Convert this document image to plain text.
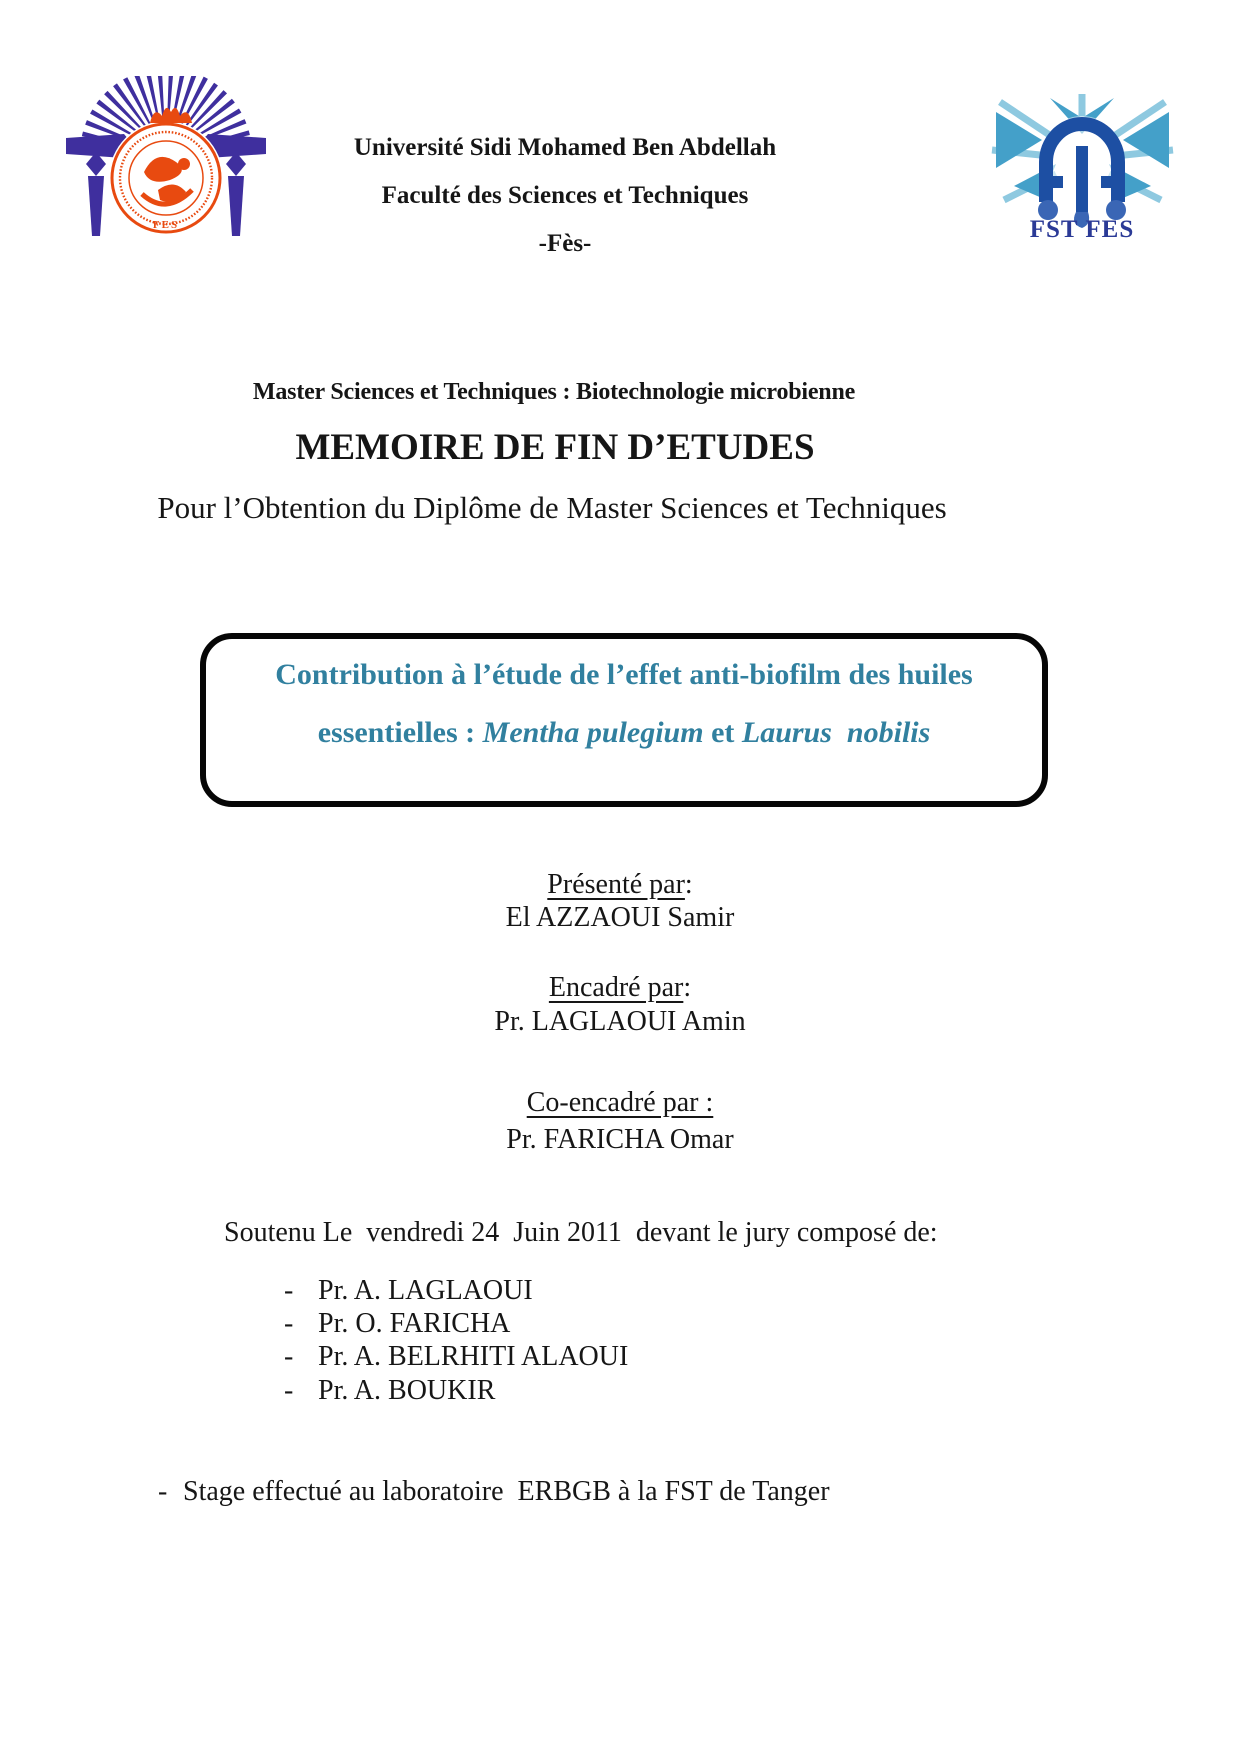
FES	FST FES
Université Sidi Mohamed Ben Abdellah
Faculté des Sciences et Techniques
-Fès-
Master Sciences et Techniques : Biotechnologie microbienne
MEMOIRE DE FIN D’ETUDES
Pour l’Obtention du Diplôme de Master Sciences et Techniques
Contribution à l’étude de l’effet anti-biofilm des huiles
essentielles : Mentha pulegium et Laurus  nobilis
Présenté par:
El AZZAOUI Samir
Encadré par:
Pr. LAGLAOUI Amin
Co-encadré par :
Pr. FARICHA Omar
Soutenu Le  vendredi 24  Juin 2011  devant le jury composé de:
- Pr. A. LAGLAOUI
- Pr. O. FARICHA
- Pr. A. BELRHITI ALAOUI
- Pr. A. BOUKIR
- Stage effectué au laboratoire  ERBGB à la FST de Tanger
